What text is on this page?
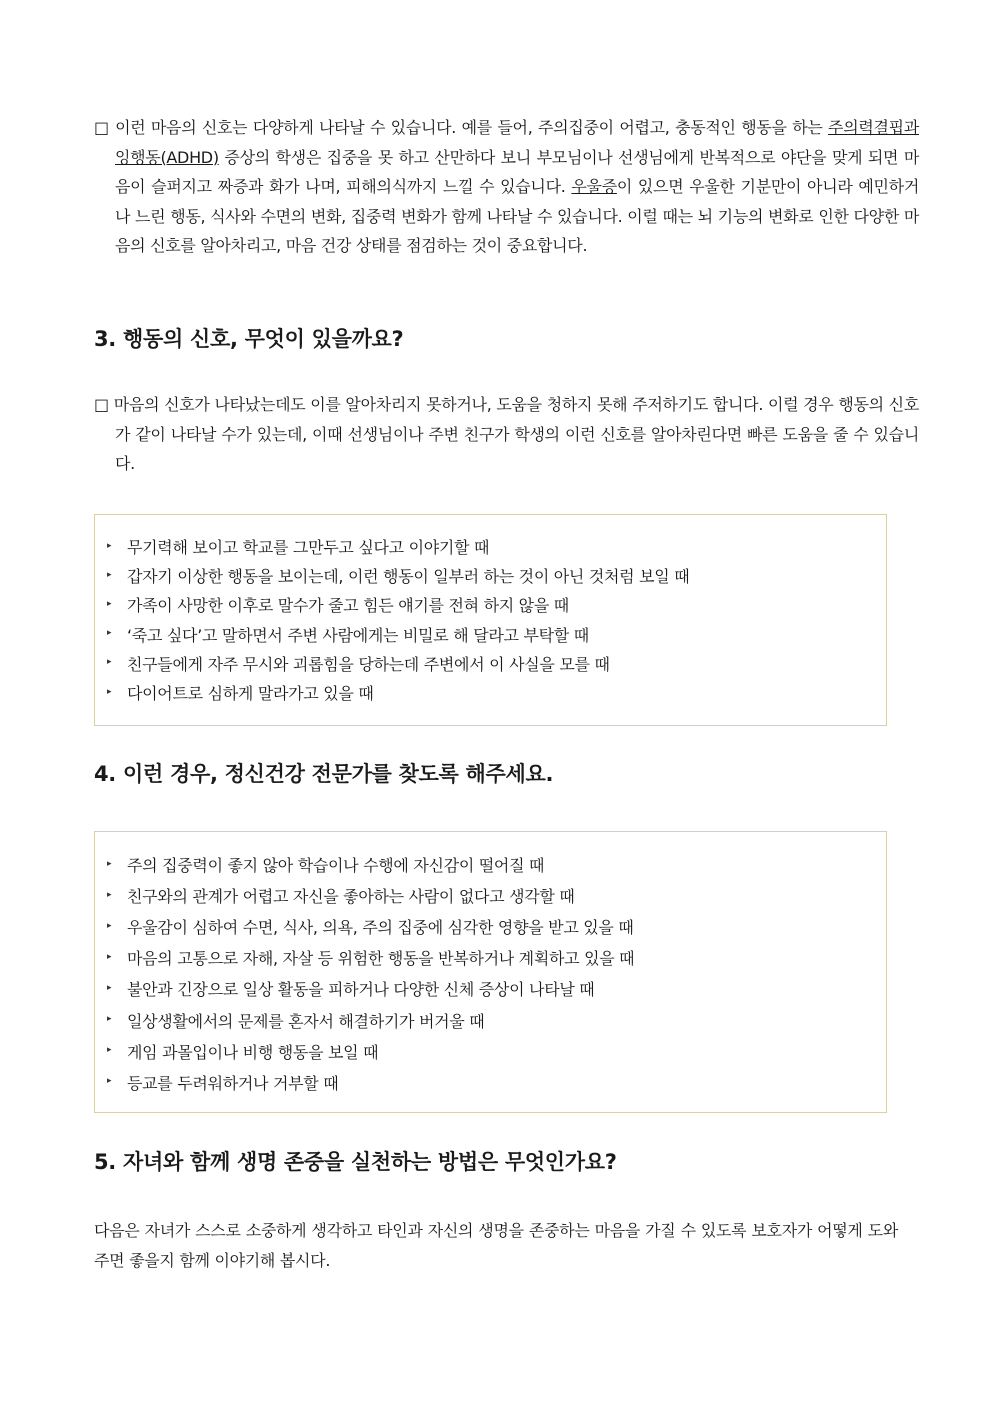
□ 이런 마음의 신호는 다양하게 나타날 수 있습니다. 예를 들어, 주의집중이 어렵고, 충동적인 행동을 하는 주의력결핍과잉행동(ADHD) 증상의 학생은 집중을 못 하고 산만하다 보니 부모님이나 선생님에게 반복적으로 야단을 맞게 되면 마음이 슬퍼지고 짜증과 화가 나며, 피해의식까지 느낄 수 있습니다. 우울증이 있으면 우울한 기분만이 아니라 예민하거나 느린 행동, 식사와 수면의 변화, 집중력 변화가 함께 나타날 수 있습니다. 이럴 때는 뇌 기능의 변화로 인한 다양한 마음의 신호를 알아차리고, 마음 건강 상태를 점검하는 것이 중요합니다.
3. 행동의 신호, 무엇이 있을까요?
□ 마음의 신호가 나타났는데도 이를 알아차리지 못하거나, 도움을 청하지 못해 주저하기도 합니다. 이럴 경우 행동의 신호가 같이 나타날 수가 있는데, 이때 선생님이나 주변 친구가 학생의 이런 신호를 알아차린다면 빠른 도움을 줄 수 있습니다.
▸ 무기력해 보이고 학교를 그만두고 싶다고 이야기할 때
▸ 갑자기 이상한 행동을 보이는데, 이런 행동이 일부러 하는 것이 아닌 것처럼 보일 때
▸ 가족이 사망한 이후로 말수가 줄고 힘든 얘기를 전혀 하지 않을 때
▸ ‘죽고 싶다’고 말하면서 주변 사람에게는 비밀로 해 달라고 부탁할 때
▸ 친구들에게 자주 무시와 괴롭힘을 당하는데 주변에서 이 사실을 모를 때
▸ 다이어트로 심하게 말라가고 있을 때
4. 이런 경우, 정신건강 전문가를 찾도록 해주세요.
▸ 주의 집중력이 좋지 않아 학습이나 수행에 자신감이 떨어질 때
▸ 친구와의 관계가 어렵고 자신을 좋아하는 사람이 없다고 생각할 때
▸ 우울감이 심하여 수면, 식사, 의욕, 주의 집중에 심각한 영향을 받고 있을 때
▸ 마음의 고통으로 자해, 자살 등 위험한 행동을 반복하거나 계획하고 있을 때
▸ 불안과 긴장으로 일상 활동을 피하거나 다양한 신체 증상이 나타날 때
▸ 일상생활에서의 문제를 혼자서 해결하기가 버거울 때
▸ 게임 과몰입이나 비행 행동을 보일 때
▸ 등교를 두려워하거나 거부할 때
5. 자녀와 함께 생명 존중을 실천하는 방법은 무엇인가요?
다음은 자녀가 스스로 소중하게 생각하고 타인과 자신의 생명을 존중하는 마음을 가질 수 있도록 보호자가 어떻게 도와주면 좋을지 함께 이야기해 봅시다.
